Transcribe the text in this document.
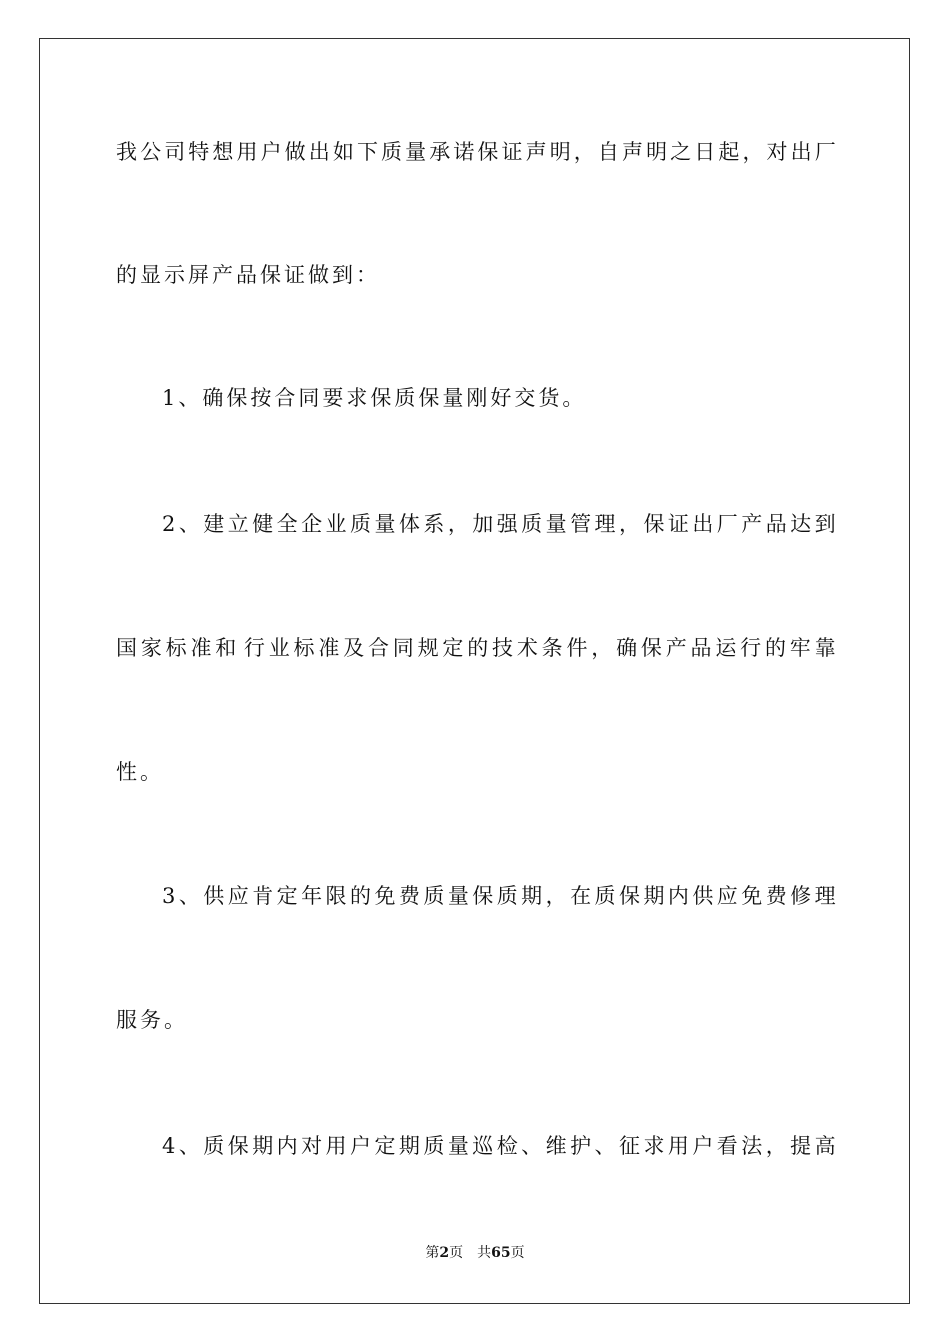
我 公 司 特 想 用 户 做 出 如 下 质 量 承 诺 保 证 声 明 ， 自 声 明 之 日 起 ， 对 出 厂
的显示屏产品保证做到：
1、确保按合同要求保质保量刚好交货。
2 、 建 立 健 全 企 业 质 量 体 系 ， 加 强 质 量 管 理 ， 保 证 出 厂 产 品 达 到
国 家 标 准 和 行 业 标 准 及 合 同 规 定 的 技 术 条 件 ， 确 保 产 品 运 行 的 牢 靠
性。
3 、 供 应 肯 定 年 限 的 免 费 质 量 保 质 期 ， 在 质 保 期 内 供 应 免 费 修 理
服务。
4 、 质 保 期 内 对 用 户 定 期 质 量 巡 检 、 维 护 、 征 求 用 户 看 法 ， 提 高
第2页 共65页
